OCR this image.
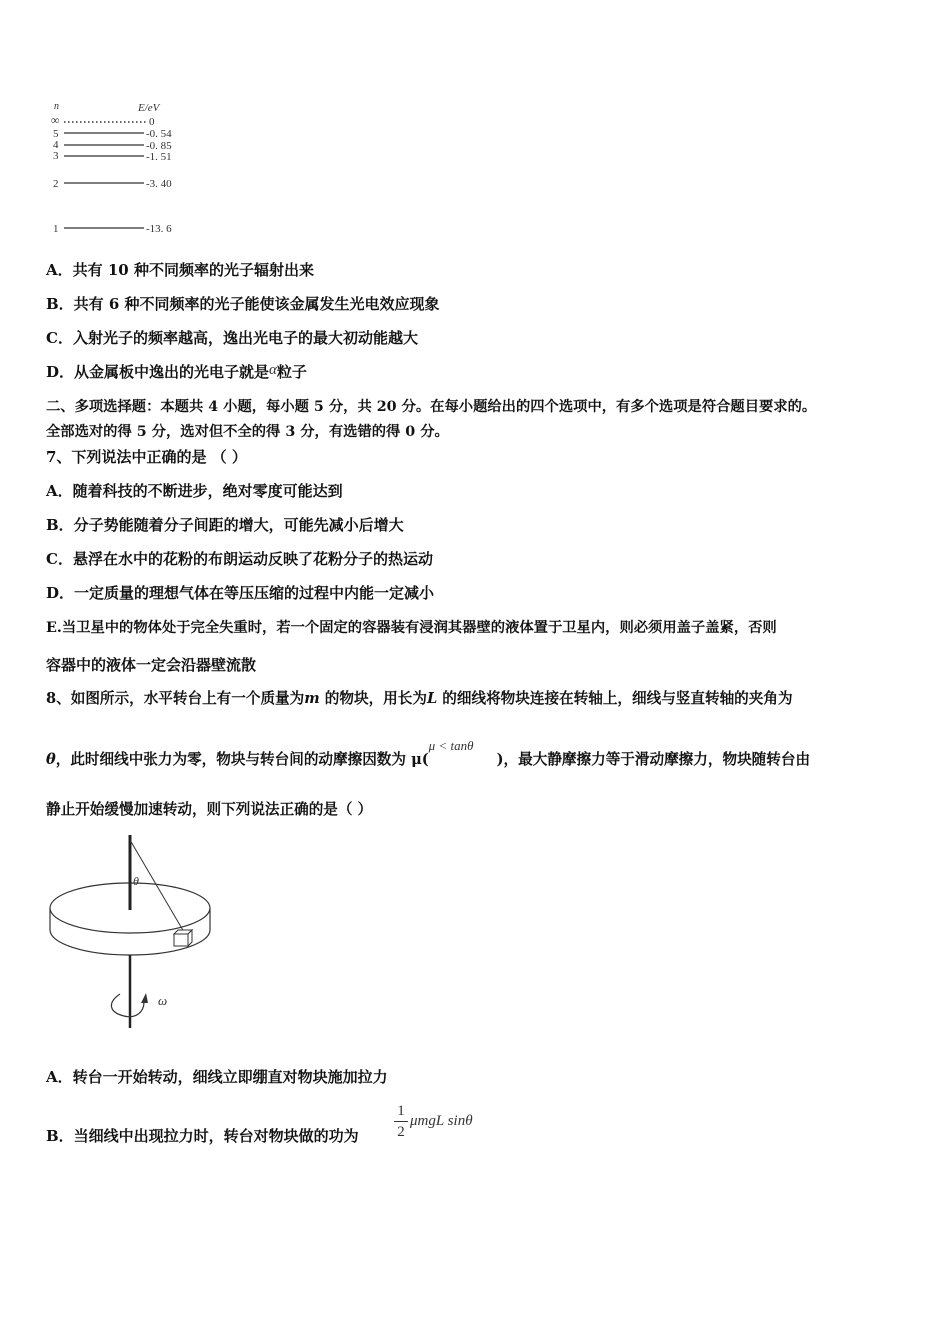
n	E/eV
∞	0
5	-0. 54
4	-0. 85
3	-1. 51
2	-3. 40
1	-13. 6
A．共有 10 种不同频率的光子辐射出来
B．共有 6 种不同频率的光子能使该金属发生光电效应现象
C．入射光子的频率越高，逸出光电子的最大初动能越大
D．从金属板中逸出的光电子就是α粒子
二、多项选择题：本题共 4 小题，每小题 5 分，共 20 分。在每小题给出的四个选项中，有多个选项是符合题目要求的。
全部选对的得 5 分，选对但不全的得 3 分，有选错的得 0 分。
7、下列说法中正确的是 （ ）
A．随着科技的不断进步，绝对零度可能达到
B．分子势能随着分子间距的增大，可能先减小后增大
C．悬浮在水中的花粉的布朗运动反映了花粉分子的热运动
D．一定质量的理想气体在等压压缩的过程中内能一定减小
E.当卫星中的物体处于完全失重时，若一个固定的容器装有浸润其器壁的液体置于卫星内，则必须用盖子盖紧，否则
容器中的液体一定会沿器壁流散
8、如图所示，水平转台上有一个质量为m 的物块，用长为L 的细线将物块连接在转轴上，细线与竖直转轴的夹角为
θ，此时细线中张力为零，物块与转台间的动摩擦因数为 μ(μ < tanθ)，最大静摩擦力等于滑动摩擦力，物块随转台由
静止开始缓慢加速转动，则下列说法正确的是（ ）
θ
ω
A．转台一开始转动，细线立即绷直对物块施加拉力
B．当细线中出现拉力时，转台对物块做的功为
1
2
μmgL sinθ
